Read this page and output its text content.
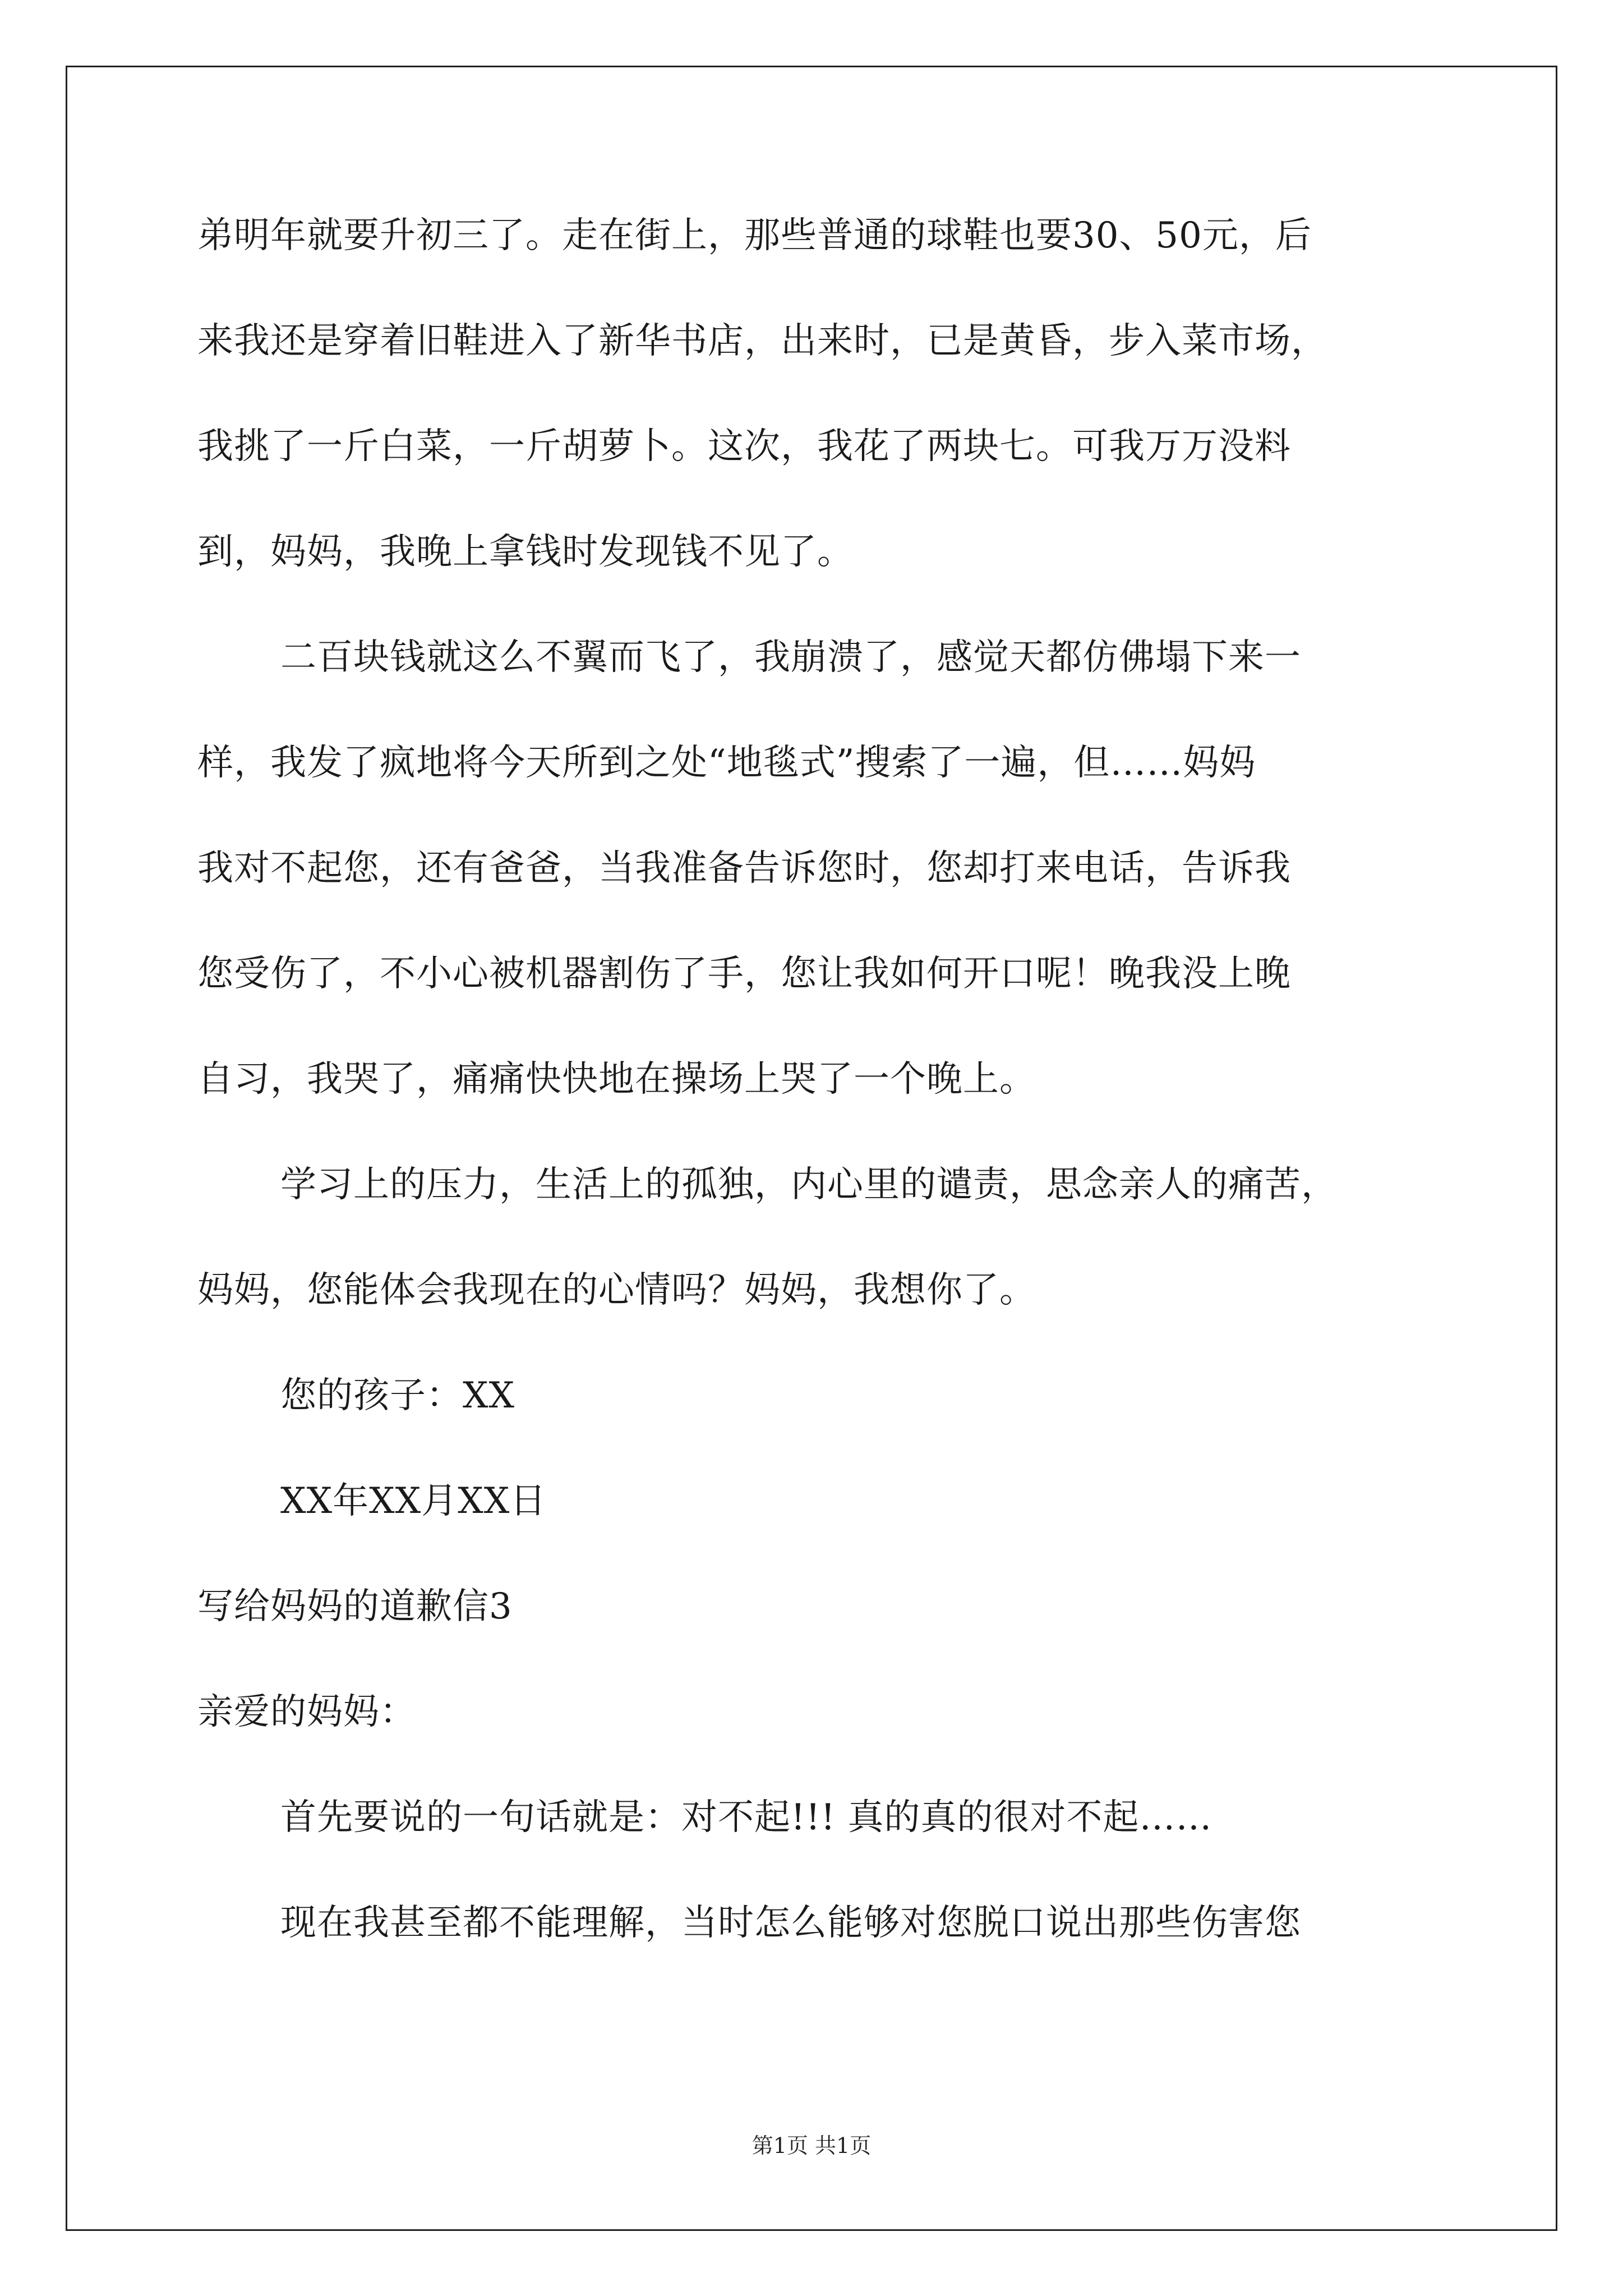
弟明年就要升初三了。走在街上，那些普通的球鞋也要30、50元，后
来我还是穿着旧鞋进入了新华书店，出来时，已是黄昏，步入菜市场，
我挑了一斤白菜，一斤胡萝卜。这次，我花了两块七。可我万万没料
到，妈妈，我晚上拿钱时发现钱不见了。
二百块钱就这么不翼而飞了，我崩溃了，感觉天都仿佛塌下来一
样，我发了疯地将今天所到之处“地毯式”搜索了一遍，但……妈妈
我对不起您，还有爸爸，当我准备告诉您时，您却打来电话，告诉我
您受伤了，不小心被机器割伤了手，您让我如何开口呢！晚我没上晚
自习，我哭了，痛痛快快地在操场上哭了一个晚上。
学习上的压力，生活上的孤独，内心里的谴责，思念亲人的痛苦，
妈妈，您能体会我现在的心情吗？妈妈，我想你了。
您的孩子：XX
XX年XX月XX日
写给妈妈的道歉信3
亲爱的妈妈：
首先要说的一句话就是：对不起!!! 真的真的很对不起……
现在我甚至都不能理解，当时怎么能够对您脱口说出那些伤害您
第1页 共1页
